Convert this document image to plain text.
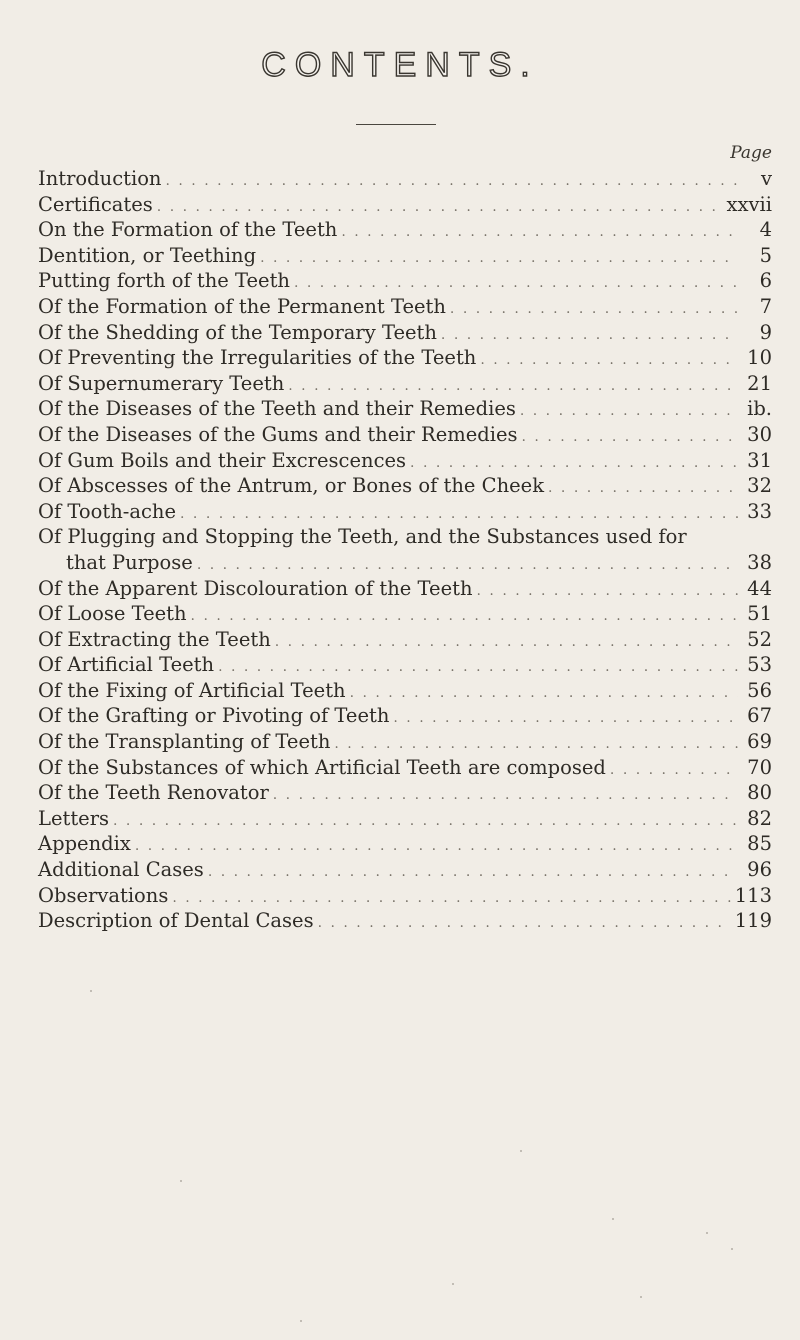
CONTENTS.
Page
Introduction . . .	v
Certificates . . .	xxvii
On the Formation of the Teeth . . .	4
Dentition, or Teething . . .	5
Putting forth of the Teeth . . .	6
Of the Formation of the Permanent Teeth . . .	7
Of the Shedding of the Temporary Teeth . . .	9
Of Preventing the Irregularities of the Teeth . . .	10
Of Supernumerary Teeth . . .	21
Of the Diseases of the Teeth and their Remedies . . .	ib.
Of the Diseases of the Gums and their Remedies . . .	30
Of Gum Boils and their Excrescences . . .	31
Of Abscesses of the Antrum, or Bones of the Cheek . . .	32
Of Tooth-ache . . .	33
Of Plugging and Stopping the Teeth, and the Substances used for
that Purpose . . .	38
Of the Apparent Discolouration of the Teeth . . .	44
Of Loose Teeth . . .	51
Of Extracting the Teeth . . .	52
Of Artificial Teeth . . .	53
Of the Fixing of Artificial Teeth . . .	56
Of the Grafting or Pivoting of Teeth . . .	67
Of the Transplanting of Teeth . . .	69
Of the Substances of which Artificial Teeth are composed . . .	70
Of the Teeth Renovator . . .	80
Letters . . .	82
Appendix . . .	85
Additional Cases . . .	96
Observations . . .	113
Description of Dental Cases . . .	119
